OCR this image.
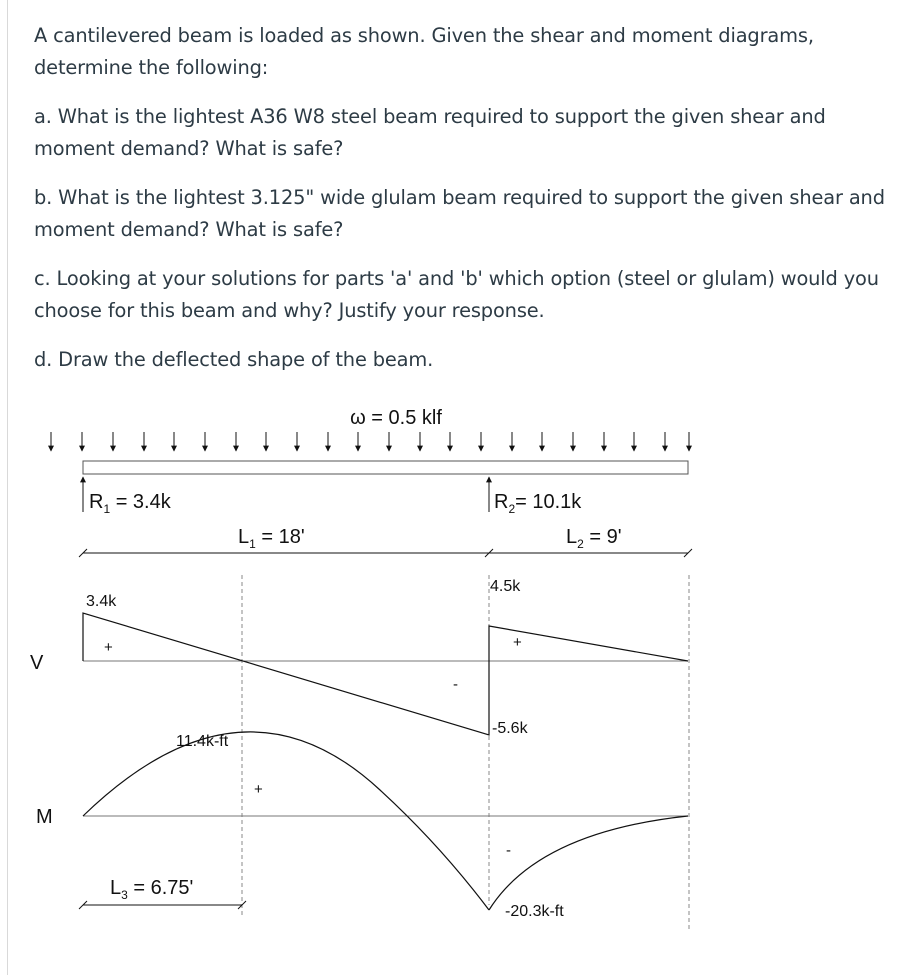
A cantilevered beam is loaded as shown. Given the shear and moment diagrams, determine the following:

a. What is the lightest A36 W8 steel beam required to support the given shear and moment demand? What is safe?

b. What is the lightest 3.125" wide glulam beam required to support the given shear and moment demand? What is safe?

c. Looking at your solutions for parts 'a' and 'b' which option (steel or glulam) would you choose for this beam and why? Justify your response.

d. Draw the deflected shape of the beam.

ω = 0.5 klf
$R_1 = 3.4k$	$R_2= 10.1k$
$L_1 = 18'$	$L_2 = 9'$
V
3.4k
4.5k
-5.6k
+
-
+
M
11.4k-ft
-20.3k-ft
+
-
$L_3 = 6.75'$
